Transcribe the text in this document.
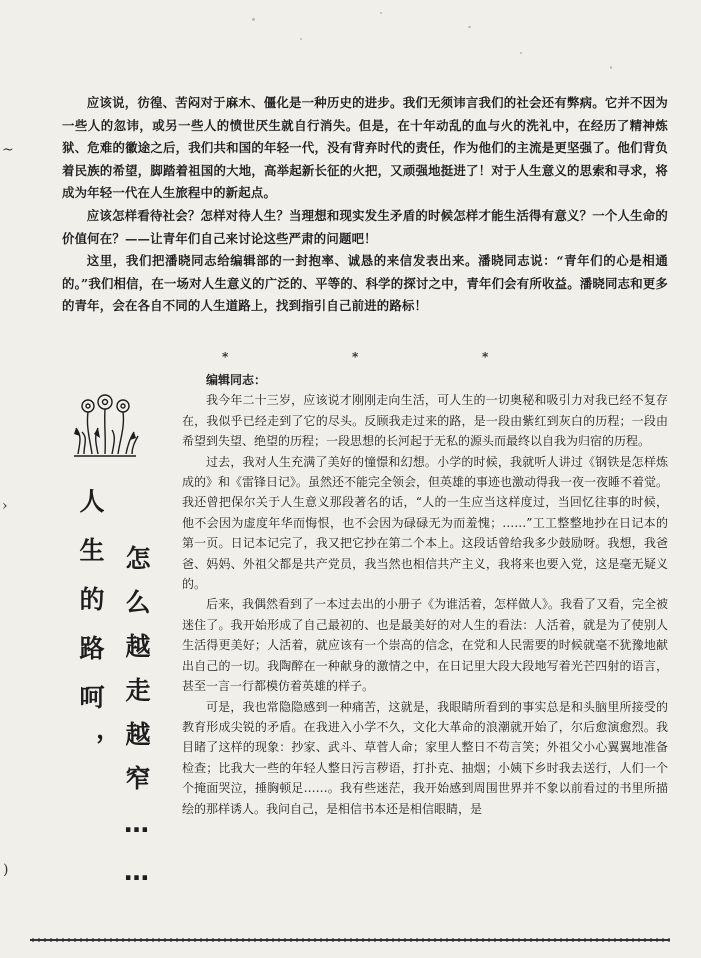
~
›
)

应该说，彷徨、苦闷对于麻木、僵化是一种历史的进步。我们无须讳言我们的社会还有弊病。它并不因为一些人的忽讳，或另一些人的愤世厌生就自行消失。但是，在十年动乱的血与火的洗礼中，在经历了精神炼狱、危难的徽途之后，我们共和国的年轻一代，没有背弃时代的责任，作为他们的主流是更坚强了。他们背负着民族的希望，脚踏着祖国的大地，高举起新长征的火把，又顽强地挺进了！对于人生意义的思索和寻求，将成为年轻一代在人生旅程中的新起点。

应该怎样看待社会？怎样对待人生？当理想和现实发生矛盾的时候怎样才能生活得有意义？一个人生命的价值何在？——让青年们自己来讨论这些严肃的问题吧！

这里，我们把潘晓同志给编辑部的一封抱率、诚恳的来信发表出来。潘晓同志说：“青年们的心是相通的。”我们相信，在一场对人生意义的广泛的、平等的、科学的探讨之中，青年们会有所收益。潘晓同志和更多的青年，会在各自不同的人生道路上，找到指引自己前进的路标！

*	*	*
人生的路呵， 怎么越走越窄……

编辑同志：

我今年二十三岁，应该说才刚刚走向生活，可人生的一切奥秘和吸引力对我已经不复存在，我似乎已经走到了它的尽头。反顾我走过来的路，是一段由紫红到灰白的历程；一段由希望到失望、绝望的历程；一段思想的长河起于无私的源头而最终以自我为归宿的历程。

过去，我对人生充满了美好的憧憬和幻想。小学的时候，我就听人讲过《钢铁是怎样炼成的》和《雷锋日记》。虽然还不能完全领会，但英雄的事迹也激动得我一夜一夜睡不着觉。我还曾把保尔关于人生意义那段著名的话，“人的一生应当这样度过，当回忆往事的时候，他不会因为虚度年华而悔恨，也不会因为碌碌无为而羞愧；……”工工整整地抄在日记本的第一页。日记本记完了，我又把它抄在第二个本上。这段话曾给我多少鼓励呀。我想，我爸爸、妈妈、外祖父都是共产党员，我当然也相信共产主义，我将来也要入党，这是毫无疑义的。

后来，我偶然看到了一本过去出的小册子《为谁活着，怎样做人》。我看了又看，完全被迷住了。我开始形成了自己最初的、也是最美好的对人生的看法：人活着，就是为了使别人生活得更美好；人活着，就应该有一个崇高的信念，在党和人民需要的时候就毫不犹豫地献出自己的一切。我陶醉在一种献身的激情之中，在日记里大段大段地写着光芒四射的语言，甚至一言一行都模仿着英雄的样子。

可是，我也常隐隐感到一种痛苦，这就是，我眼睛所看到的事实总是和头脑里所接受的教育形成尖锐的矛盾。在我进入小学不久，文化大革命的浪潮就开始了，尔后愈演愈烈。我目睹了这样的现象：抄家、武斗、草菅人命；家里人整日不苟言笑；外祖父小心翼翼地准备检查；比我大一些的年轻人整日污言秽语，打扑克、抽烟；小姨下乡时我去送行，人们一个个掩面哭泣，捶胸顿足……。我有些迷茫，我开始感到周围世界并不象以前看过的书里所描绘的那样诱人。我问自己，是相信书本还是相信眼睛，是
